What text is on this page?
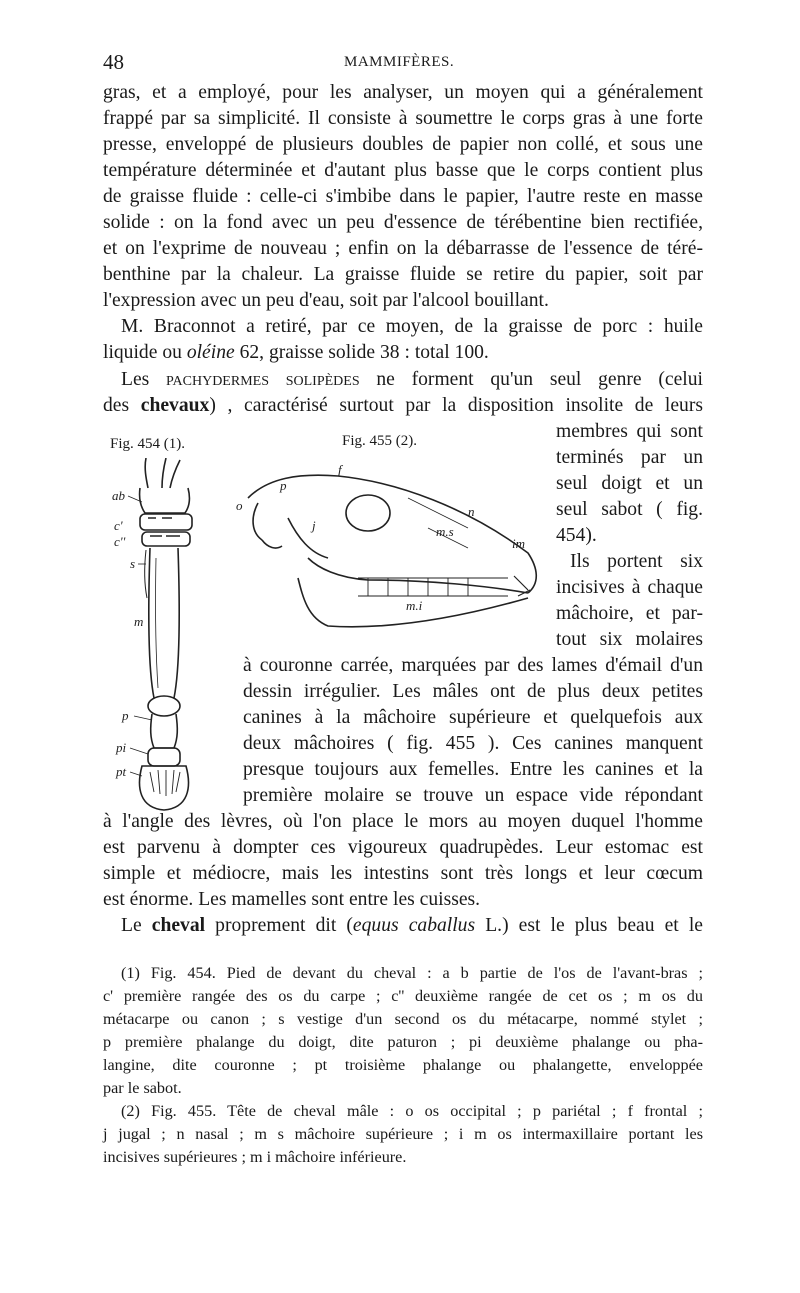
48	MAMMIFÈRES.
gras, et a employé, pour les analyser, un moyen qui a généralement
frappé par sa simplicité. Il consiste à soumettre le corps gras à une forte
presse, enveloppé de plusieurs doubles de papier non collé, et sous une
température déterminée et d'autant plus basse que le corps contient plus
de graisse fluide : celle-ci s'imbibe dans le papier, l'autre reste en masse
solide : on la fond avec un peu d'essence de térébentine bien rectifiée,
et on l'exprime de nouveau ; enfin on la débarrasse de l'essence de téré-
benthine par la chaleur. La graisse fluide se retire du papier, soit par
l'expression avec un peu d'eau, soit par l'alcool bouillant.
M. Braconnot a retiré, par ce moyen, de la graisse de porc : huile
liquide ou oléine 62, graisse solide 38 : total 100.
Les pachydermes solipèdes ne forment qu'un seul genre (celui
des chevaux) , caractérisé surtout par la disposition insolite de leurs
membres qui sont
terminés par un
seul doigt et un
seul sabot ( fig.
454).
Ils portent six
incisives à chaque
mâchoire, et par-
tout six molaires
à couronne carrée, marquées par des lames d'émail d'un
dessin irrégulier. Les mâles ont de plus deux petites
canines à la mâchoire supérieure et quelquefois aux
deux mâchoires ( fig. 455 ). Ces canines manquent
presque toujours aux femelles. Entre les canines et la
première molaire se trouve un espace vide répondant
à l'angle des lèvres, où l'on place le mors au moyen duquel l'homme
est parvenu à dompter ces vigoureux quadrupèdes. Leur estomac est
simple et médiocre, mais les intestins sont très longs et leur cœcum
est énorme. Les mamelles sont entre les cuisses.
Le cheval proprement dit (equus caballus L.) est le plus beau et le
Fig. 454 (1).	Fig. 455 (2).
ab
c'
c''
s
m
p
pi
pt
f
p
o	n
m.s
im
j
m.i
(1) Fig. 454. Pied de devant du cheval : a b partie de l'os de l'avant-bras ;
c' première rangée des os du carpe ; c'' deuxième rangée de cet os ; m os du
métacarpe ou canon ; s vestige d'un second os du métacarpe, nommé stylet ;
p première phalange du doigt, dite paturon ; pi deuxième phalange ou pha-
langine, dite couronne ; pt troisième phalange ou phalangette, enveloppée
par le sabot.
(2) Fig. 455. Tête de cheval mâle : o os occipital ; p pariétal ; f frontal ;
j jugal ; n nasal ; m s mâchoire supérieure ; i m os intermaxillaire portant les
incisives supérieures ; m i mâchoire inférieure.
